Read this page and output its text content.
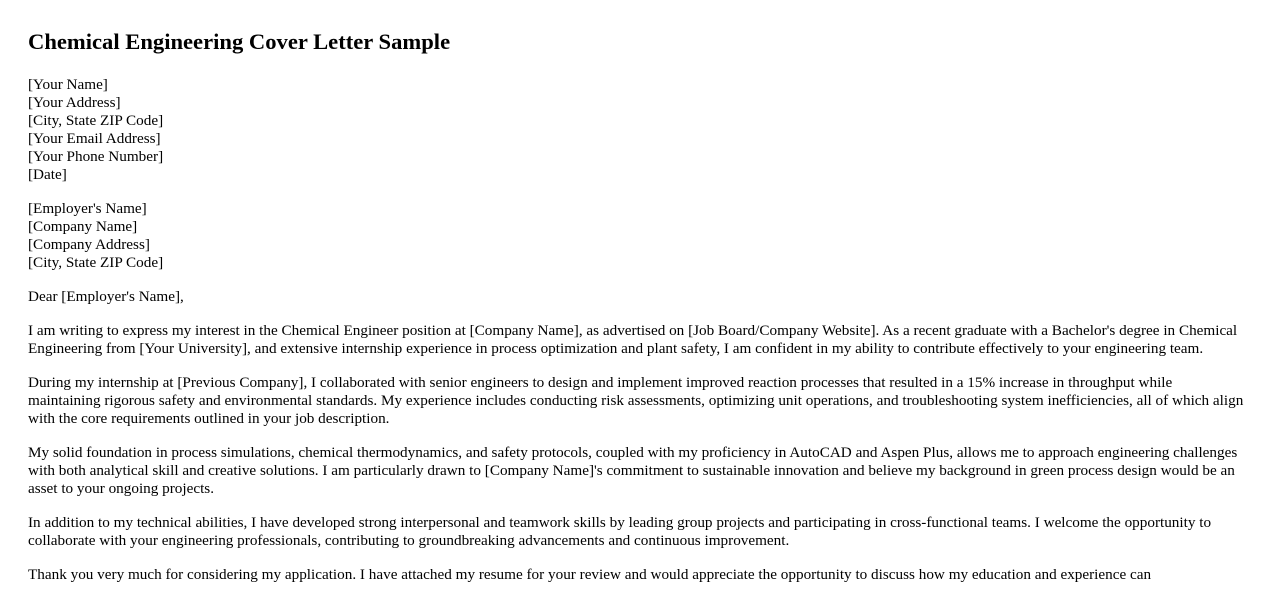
Chemical Engineering Cover Letter Sample
[Your Name]
[Your Address]
[City, State ZIP Code]
[Your Email Address]
[Your Phone Number]
[Date]
[Employer's Name]
[Company Name]
[Company Address]
[City, State ZIP Code]

Dear [Employer's Name],

I am writing to express my interest in the Chemical Engineer position at [Company Name], as advertised on [Job Board/Company Website]. As a recent graduate with a Bachelor's degree in Chemical Engineering from [Your University], and extensive internship experience in process optimization and plant safety, I am confident in my ability to contribute effectively to your engineering team.

During my internship at [Previous Company], I collaborated with senior engineers to design and implement improved reaction processes that resulted in a 15% increase in throughput while maintaining rigorous safety and environmental standards. My experience includes conducting risk assessments, optimizing unit operations, and troubleshooting system inefficiencies, all of which align with the core requirements outlined in your job description.

My solid foundation in process simulations, chemical thermodynamics, and safety protocols, coupled with my proficiency in AutoCAD and Aspen Plus, allows me to approach engineering challenges with both analytical skill and creative solutions. I am particularly drawn to [Company Name]'s commitment to sustainable innovation and believe my background in green process design would be an asset to your ongoing projects.

In addition to my technical abilities, I have developed strong interpersonal and teamwork skills by leading group projects and participating in cross-functional teams. I welcome the opportunity to collaborate with your engineering professionals, contributing to groundbreaking advancements and continuous improvement.

Thank you very much for considering my application. I have attached my resume for your review and would appreciate the opportunity to discuss how my education and experience can
